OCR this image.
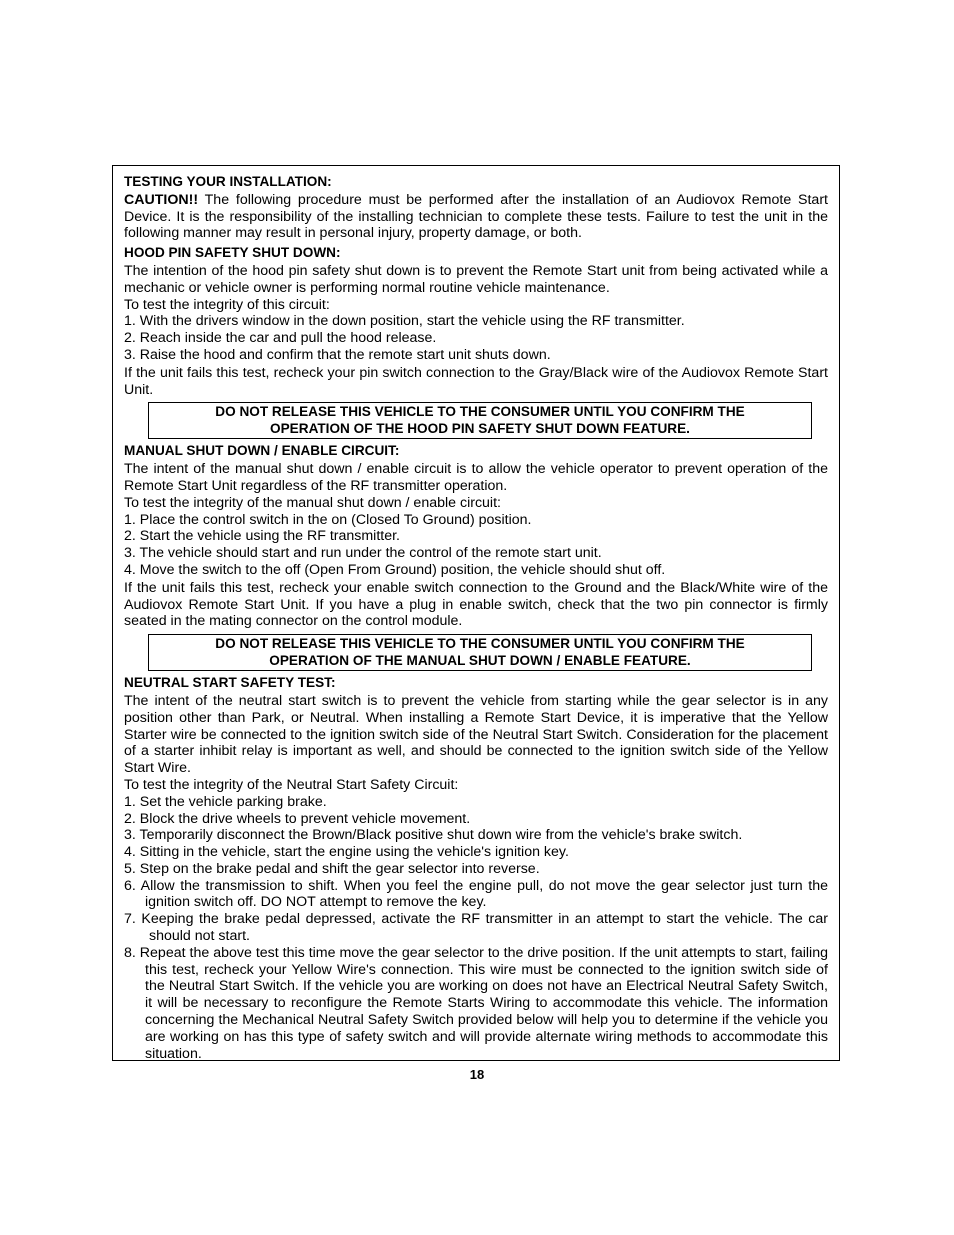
TESTING YOUR INSTALLATION:

CAUTION!! The following procedure must be performed after the installation of an Audiovox Remote Start Device. It is the responsibility of the installing technician to complete these tests. Failure to test the unit in the following manner may result in personal injury, property damage, or both.

HOOD PIN SAFETY SHUT DOWN:

The intention of the hood pin safety shut down is to prevent the Remote Start unit from being activated while a mechanic or vehicle owner is performing normal routine vehicle maintenance.

To test the integrity of this circuit:

1. With the drivers window in the down position, start the vehicle using the RF transmitter.

2. Reach inside the car and pull the hood release.

3. Raise the hood and confirm that the remote start unit shuts down.

If the unit fails this test, recheck your pin switch connection to the Gray/Black wire of the Audiovox Remote Start Unit.

DO NOT RELEASE THIS VEHICLE TO THE CONSUMER UNTIL YOU CONFIRM THE
OPERATION OF THE HOOD PIN SAFETY SHUT DOWN FEATURE.

MANUAL SHUT DOWN / ENABLE CIRCUIT:

The intent of the manual shut down / enable circuit is to allow the vehicle operator to prevent operation of the Remote Start Unit regardless of the RF transmitter operation.

To test the integrity of the manual shut down / enable circuit:

1. Place the control switch in the on (Closed To Ground) position.

2. Start the vehicle using the RF transmitter.

3. The vehicle should start and run under the control of the remote start unit.

4. Move the switch to the off (Open From Ground) position, the vehicle should shut off.

If the unit fails this test, recheck your enable switch connection to the Ground and the Black/White wire of the Audiovox Remote Start Unit. If you have a plug in enable switch, check that the two pin connector is firmly seated in the mating connector on the control module.

DO NOT RELEASE THIS VEHICLE TO THE CONSUMER UNTIL YOU CONFIRM THE
OPERATION OF THE MANUAL SHUT DOWN / ENABLE FEATURE.

NEUTRAL START SAFETY TEST:

The intent of the neutral start switch is to prevent the vehicle from starting while the gear selector is in any position other than Park, or Neutral. When installing a Remote Start Device, it is imperative that the Yellow Starter wire be connected to the ignition switch side of the Neutral Start Switch. Consideration for the placement of a starter inhibit relay is important as well, and should be connected to the ignition switch side of the Yellow Start Wire.

To test the integrity of the Neutral Start Safety Circuit:

1. Set the vehicle parking brake.

2. Block the drive wheels to prevent vehicle movement.

3. Temporarily disconnect the Brown/Black positive shut down wire from the vehicle's brake switch.

4. Sitting in the vehicle, start the engine using the vehicle's ignition key.

5. Step on the brake pedal and shift the gear selector into reverse.

6. Allow the transmission to shift. When you feel the engine pull, do not move the gear selector just turn the ignition switch off. DO NOT attempt to remove the key.

7. Keeping the brake pedal depressed, activate the RF transmitter in an attempt to start the vehicle. The car should not start.

8. Repeat the above test this time move the gear selector to the drive position. If the unit attempts to start, failing this test, recheck your Yellow Wire's connection. This wire must be connected to the ignition switch side of the Neutral Start Switch. If the vehicle you are working on does not have an Electrical Neutral Safety Switch, it will be necessary to reconfigure the Remote Starts Wiring to accommodate this vehicle. The information concerning the Mechanical Neutral Safety Switch provided below will help you to determine if the vehicle you are working on has this type of safety switch and will provide alternate wiring methods to accommodate this situation.

18
